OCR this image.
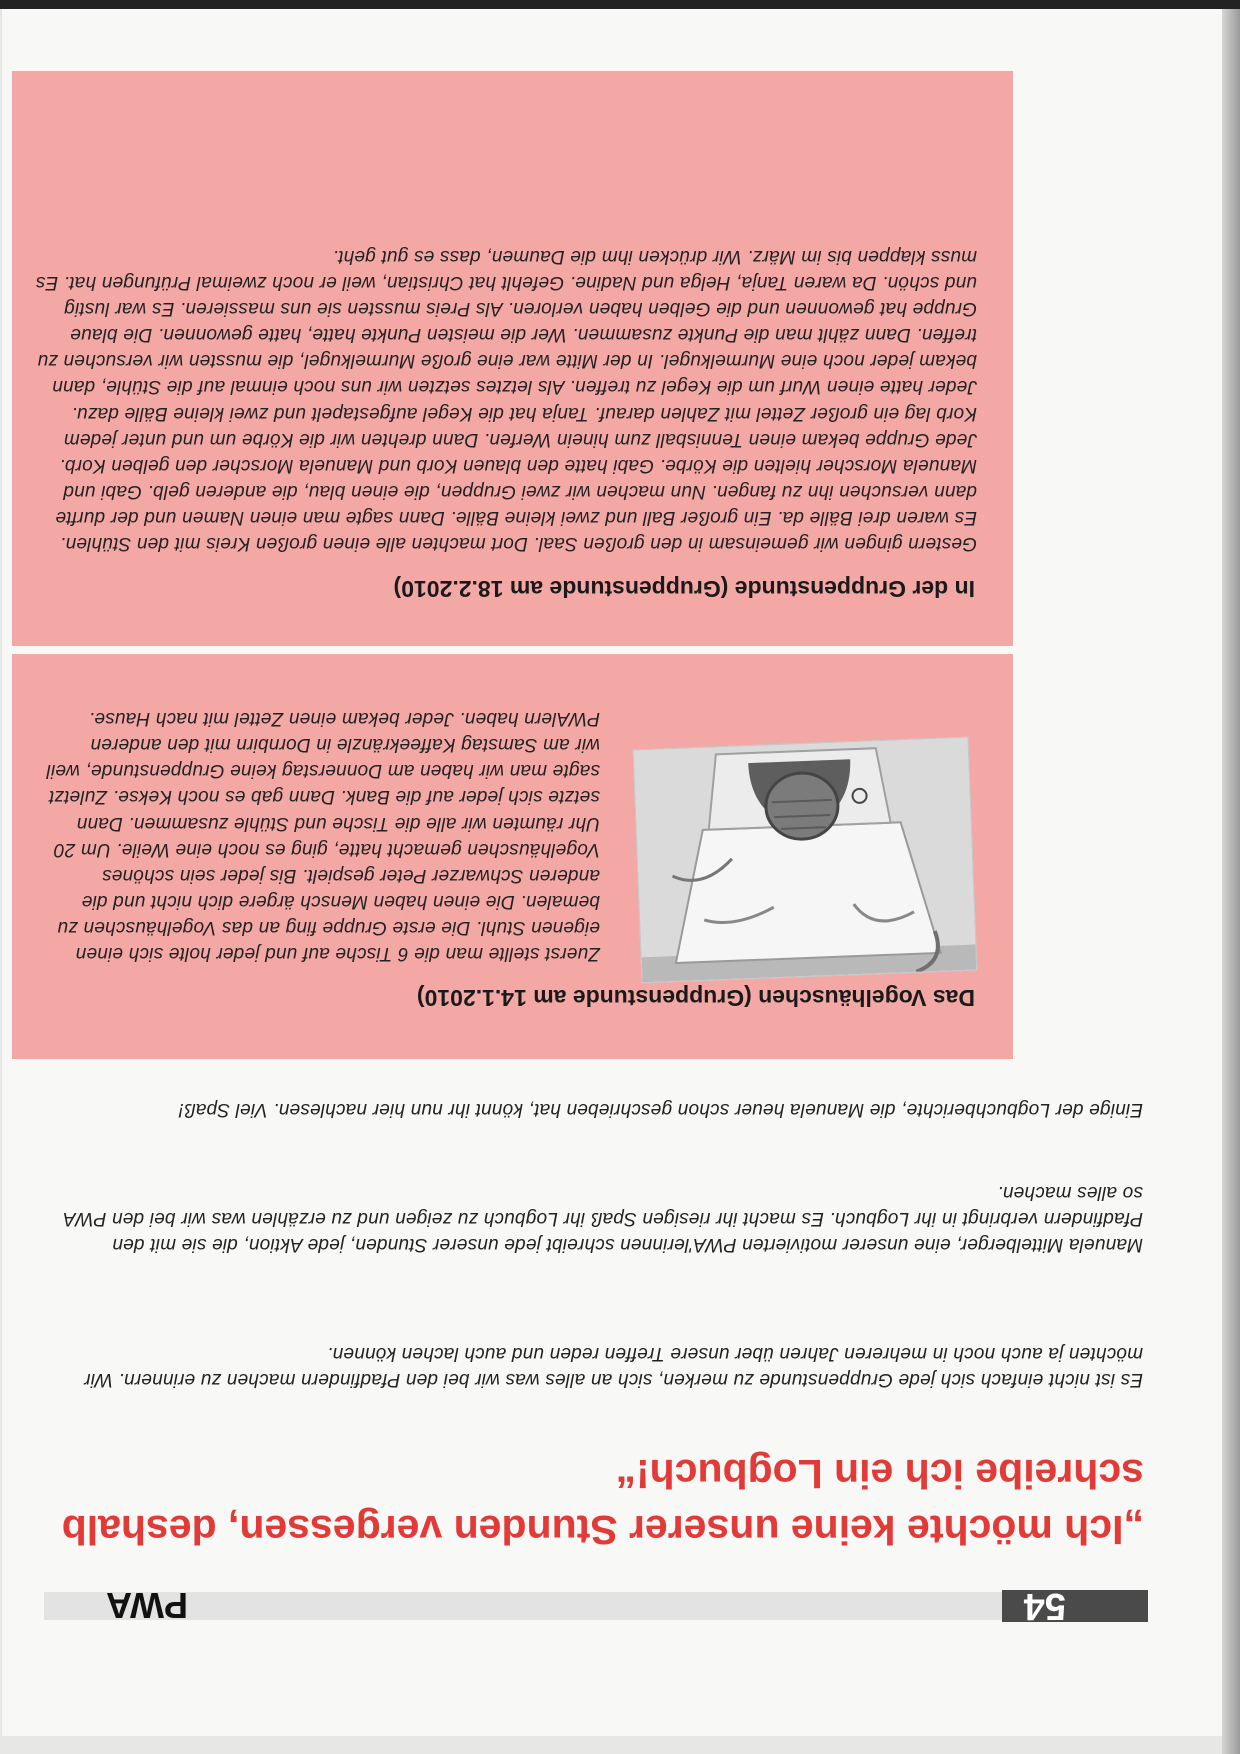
54
PWA
„Ich möchte keine unserer Stunden vergessen, deshalb schreibe ich ein Logbuch!“

Es ist nicht einfach sich jede Gruppenstunde zu merken, sich an alles was wir bei den Pfadfindern machen zu erinnern. Wir möchten ja auch noch in mehreren Jahren über unsere Treffen reden und auch lachen können.

Manuela Mittelberger, eine unserer motivierten PWA'lerinnen schreibt jede unserer Stunden, jede Aktion, die sie mit den Pfadfindern verbringt in ihr Logbuch. Es macht ihr riesigen Spaß ihr Logbuch zu zeigen und zu erzählen was wir bei den PWA so alles machen.

Einige der Logbuchberichte, die Manuela heuer schon geschrieben hat, könnt ihr nun hier nachlesen. Viel Spaß!

Das Vogelhäuschen (Gruppenstunde am 14.1.2010)

Zuerst stellte man die 6 Tische auf und jeder holte sich einen eigenen Stuhl. Die erste Gruppe fing an das Vogelhäuschen zu bemalen. Die einen haben Mensch ärgere dich nicht und die anderen Schwarzer Peter gespielt. Bis jeder sein schönes Vogelhäuschen gemacht hatte, ging es noch eine Weile. Um 20 Uhr räumten wir alle die Tische und Stühle zusammen. Dann setzte sich jeder auf die Bank. Dann gab es noch Kekse. Zuletzt sagte man wir haben am Donnerstag keine Gruppenstunde, weil wir am Samstag Kaffeekränzle in Dornbirn mit den anderen PWAlern haben. Jeder bekam einen Zettel mit nach Hause.

In der Gruppenstunde (Gruppenstunde am 18.2.2010)

Gestern gingen wir gemeinsam in den großen Saal. Dort machten alle einen großen Kreis mit den Stühlen. Es waren drei Bälle da. Ein großer Ball und zwei kleine Bälle. Dann sagte man einen Namen und der durfte dann versuchen ihn zu fangen. Nun machen wir zwei Gruppen, die einen blau, die anderen gelb. Gabi und Manuela Morscher hielten die Körbe. Gabi hatte den blauen Korb und Manuela Morscher den gelben Korb. Jede Gruppe bekam einen Tennisball zum hinein Werfen. Dann drehten wir die Körbe um und unter jedem Korb lag ein großer Zettel mit Zahlen darauf. Tanja hat die Kegel aufgestapelt und zwei kleine Bälle dazu. Jeder hatte einen Wurf um die Kegel zu treffen. Als letztes setzten wir uns noch einmal auf die Stühle, dann bekam jeder noch eine Murmelkugel. In der Mitte war eine große Murmelkugel, die mussten wir versuchen zu treffen. Dann zählt man die Punkte zusammen. Wer die meisten Punkte hatte, hatte gewonnen. Die blaue Gruppe hat gewonnen und die Gelben haben verloren. Als Preis mussten sie uns massieren. Es war lustig und schön. Da waren Tanja, Helga und Nadine. Gefehlt hat Christian, weil er noch zweimal Prüfungen hat. Es muss klappen bis im März. Wir drücken ihm die Daumen, dass es gut geht.
